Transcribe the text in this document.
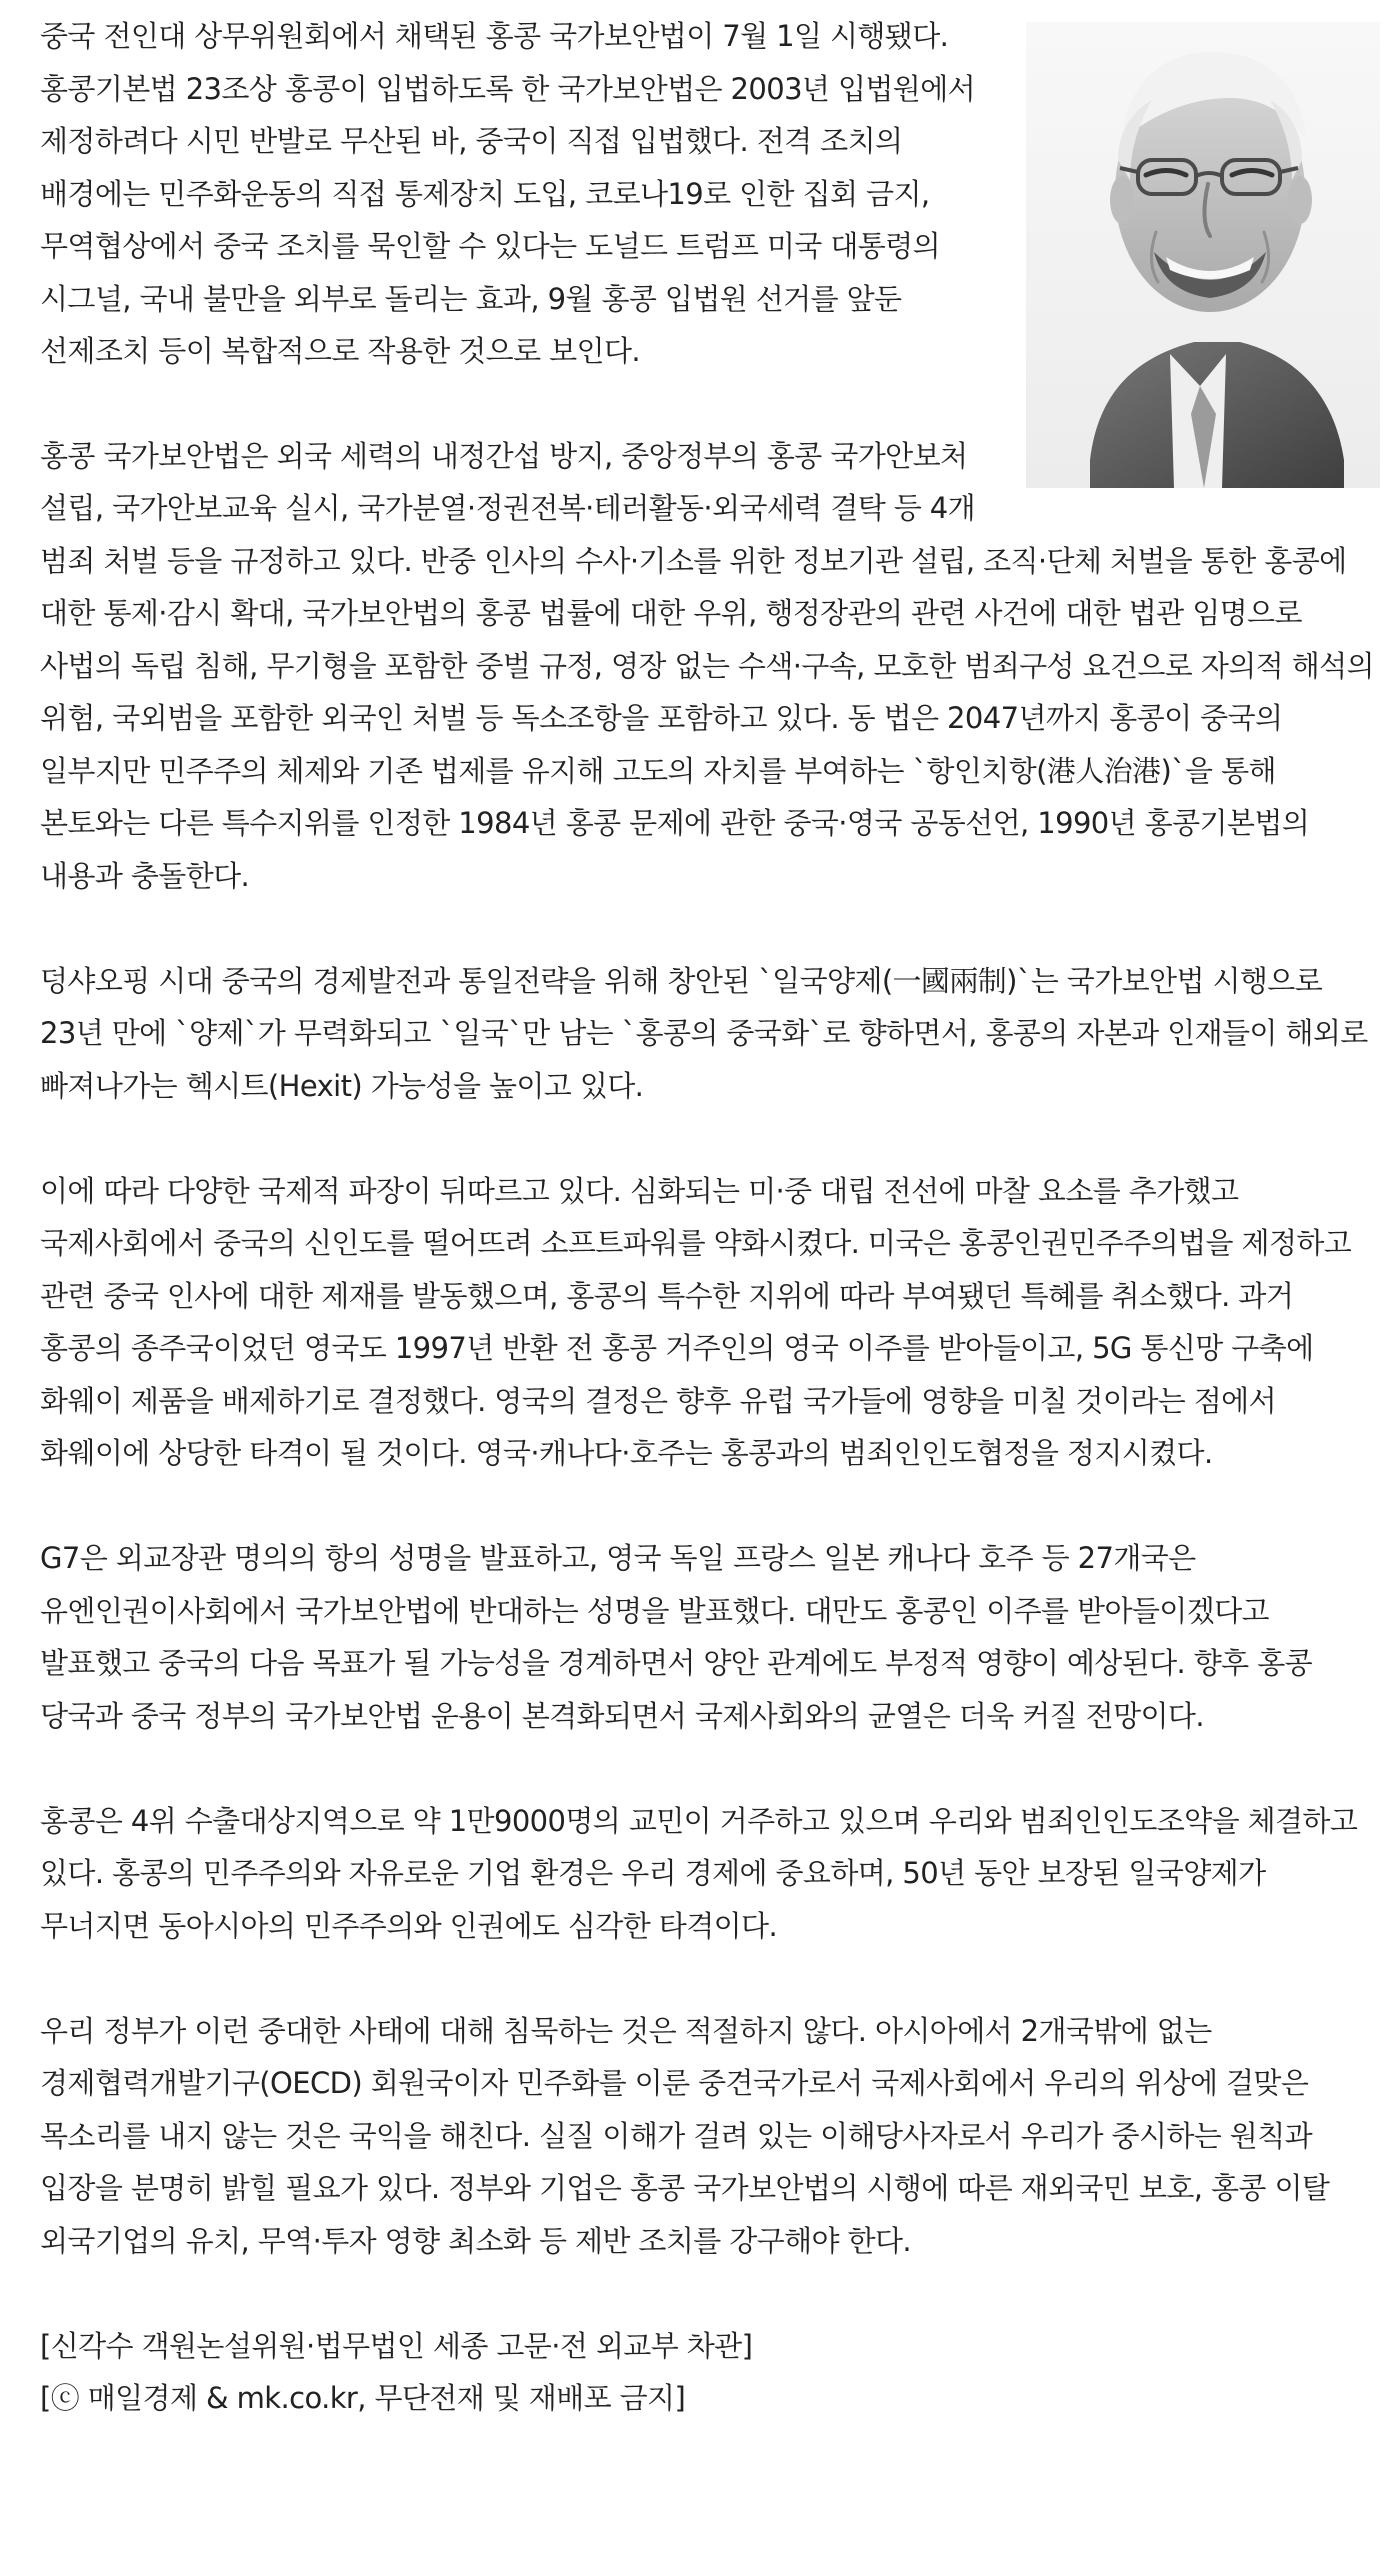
중국 전인대 상무위원회에서 채택된 홍콩 국가보안법이 7월 1일 시행됐다. 홍콩기본법 23조상 홍콩이 입법하도록 한 국가보안법은 2003년 입법원에서 제정하려다 시민 반발로 무산된 바, 중국이 직접 입법했다. 전격 조치의 배경에는 민주화운동의 직접 통제장치 도입, 코로나19로 인한 집회 금지, 무역협상에서 중국 조치를 묵인할 수 있다는 도널드 트럼프 미국 대통령의 시그널, 국내 불만을 외부로 돌리는 효과, 9월 홍콩 입법원 선거를 앞둔 선제조치 등이 복합적으로 작용한 것으로 보인다.

홍콩 국가보안법은 외국 세력의 내정간섭 방지, 중앙정부의 홍콩 국가안보처 설립, 국가안보교육 실시, 국가분열·정권전복·테러활동·외국세력 결탁 등 4개 범죄 처벌 등을 규정하고 있다. 반중 인사의 수사·기소를 위한 정보기관 설립, 조직·단체 처벌을 통한 홍콩에 대한 통제·감시 확대, 국가보안법의 홍콩 법률에 대한 우위, 행정장관의 관련 사건에 대한 법관 임명으로 사법의 독립 침해, 무기형을 포함한 중벌 규정, 영장 없는 수색·구속, 모호한 범죄구성 요건으로 자의적 해석의 위험, 국외범을 포함한 외국인 처벌 등 독소조항을 포함하고 있다. 동 법은 2047년까지 홍콩이 중국의 일부지만 민주주의 체제와 기존 법제를 유지해 고도의 자치를 부여하는 `항인치항(港人治港)`을 통해 본토와는 다른 특수지위를 인정한 1984년 홍콩 문제에 관한 중국·영국 공동선언, 1990년 홍콩기본법의 내용과 충돌한다.

덩샤오핑 시대 중국의 경제발전과 통일전략을 위해 창안된 `일국양제(一國兩制)`는 국가보안법 시행으로 23년 만에 `양제`가 무력화되고 `일국`만 남는 `홍콩의 중국화`로 향하면서, 홍콩의 자본과 인재들이 해외로 빠져나가는 헥시트(Hexit) 가능성을 높이고 있다.

이에 따라 다양한 국제적 파장이 뒤따르고 있다. 심화되는 미·중 대립 전선에 마찰 요소를 추가했고 국제사회에서 중국의 신인도를 떨어뜨려 소프트파워를 약화시켰다. 미국은 홍콩인권민주주의법을 제정하고 관련 중국 인사에 대한 제재를 발동했으며, 홍콩의 특수한 지위에 따라 부여됐던 특혜를 취소했다. 과거 홍콩의 종주국이었던 영국도 1997년 반환 전 홍콩 거주인의 영국 이주를 받아들이고, 5G 통신망 구축에 화웨이 제품을 배제하기로 결정했다. 영국의 결정은 향후 유럽 국가들에 영향을 미칠 것이라는 점에서 화웨이에 상당한 타격이 될 것이다. 영국·캐나다·호주는 홍콩과의 범죄인인도협정을 정지시켰다.

G7은 외교장관 명의의 항의 성명을 발표하고, 영국 독일 프랑스 일본 캐나다 호주 등 27개국은 유엔인권이사회에서 국가보안법에 반대하는 성명을 발표했다. 대만도 홍콩인 이주를 받아들이겠다고 발표했고 중국의 다음 목표가 될 가능성을 경계하면서 양안 관계에도 부정적 영향이 예상된다. 향후 홍콩 당국과 중국 정부의 국가보안법 운용이 본격화되면서 국제사회와의 균열은 더욱 커질 전망이다.

홍콩은 4위 수출대상지역으로 약 1만9000명의 교민이 거주하고 있으며 우리와 범죄인인도조약을 체결하고 있다. 홍콩의 민주주의와 자유로운 기업 환경은 우리 경제에 중요하며, 50년 동안 보장된 일국양제가 무너지면 동아시아의 민주주의와 인권에도 심각한 타격이다.

우리 정부가 이런 중대한 사태에 대해 침묵하는 것은 적절하지 않다. 아시아에서 2개국밖에 없는 경제협력개발기구(OECD) 회원국이자 민주화를 이룬 중견국가로서 국제사회에서 우리의 위상에 걸맞은 목소리를 내지 않는 것은 국익을 해친다. 실질 이해가 걸려 있는 이해당사자로서 우리가 중시하는 원칙과 입장을 분명히 밝힐 필요가 있다. 정부와 기업은 홍콩 국가보안법의 시행에 따른 재외국민 보호, 홍콩 이탈 외국기업의 유치, 무역·투자 영향 최소화 등 제반 조치를 강구해야 한다.

[신각수 객원논설위원·법무법인 세종 고문·전 외교부 차관]

[ⓒ 매일경제 & mk.co.kr, 무단전재 및 재배포 금지]
